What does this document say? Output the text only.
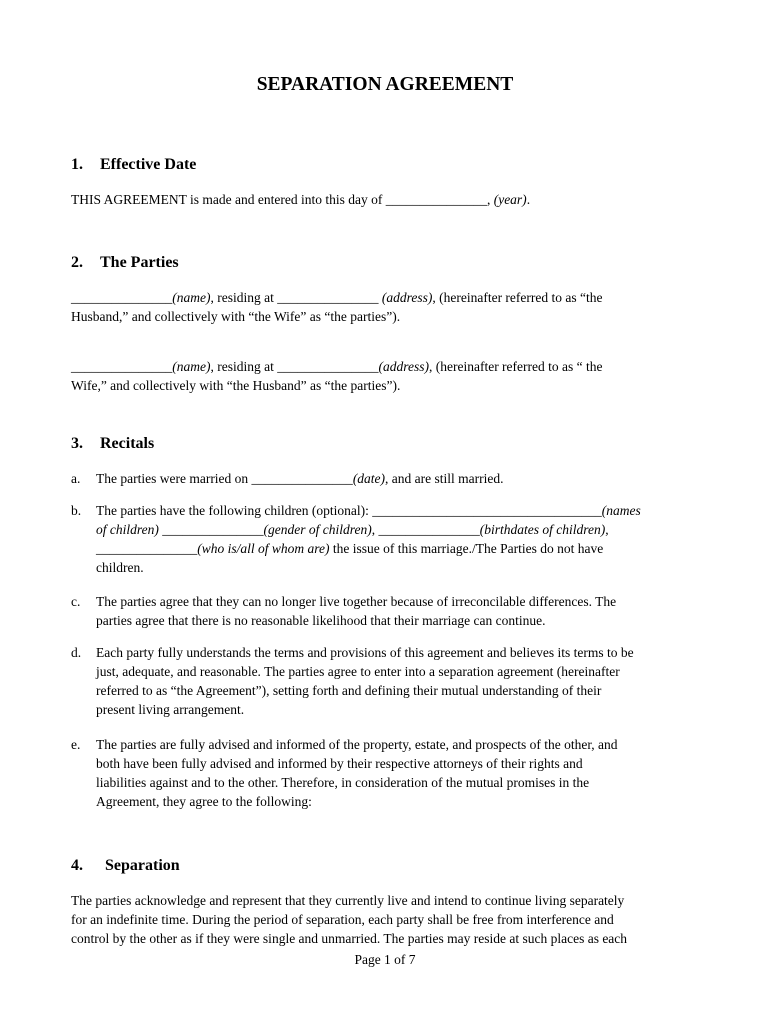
SEPARATION AGREEMENT
1. Effective Date
THIS AGREEMENT is made and entered into this day of _______________, (year).
2. The Parties
_______________(name), residing at _______________ (address), (hereinafter referred to as “the
Husband,” and collectively with “the Wife” as “the parties”).
_______________(name), residing at _______________(address), (hereinafter referred to as “ the
Wife,” and collectively with “the Husband” as “the parties”).
3. Recitals
a. The parties were married on _______________(date), and are still married.
b. The parties have the following children (optional): __________________________________(names
of children) _______________(gender of children), _______________(birthdates of children),
_______________(who is/all of whom are) the issue of this marriage./The Parties do not have
children.
c. The parties agree that they can no longer live together because of irreconcilable differences. The
parties agree that there is no reasonable likelihood that their marriage can continue.
d. Each party fully understands the terms and provisions of this agreement and believes its terms to be
just, adequate, and reasonable. The parties agree to enter into a separation agreement (hereinafter
referred to as “the Agreement”), setting forth and defining their mutual understanding of their
present living arrangement.
e. The parties are fully advised and informed of the property, estate, and prospects of the other, and
both have been fully advised and informed by their respective attorneys of their rights and
liabilities against and to the other. Therefore, in consideration of the mutual promises in the
Agreement, they agree to the following:
4. Separation
The parties acknowledge and represent that they currently live and intend to continue living separately
for an indefinite time. During the period of separation, each party shall be free from interference and
control by the other as if they were single and unmarried. The parties may reside at such places as each
Page 1 of 7
